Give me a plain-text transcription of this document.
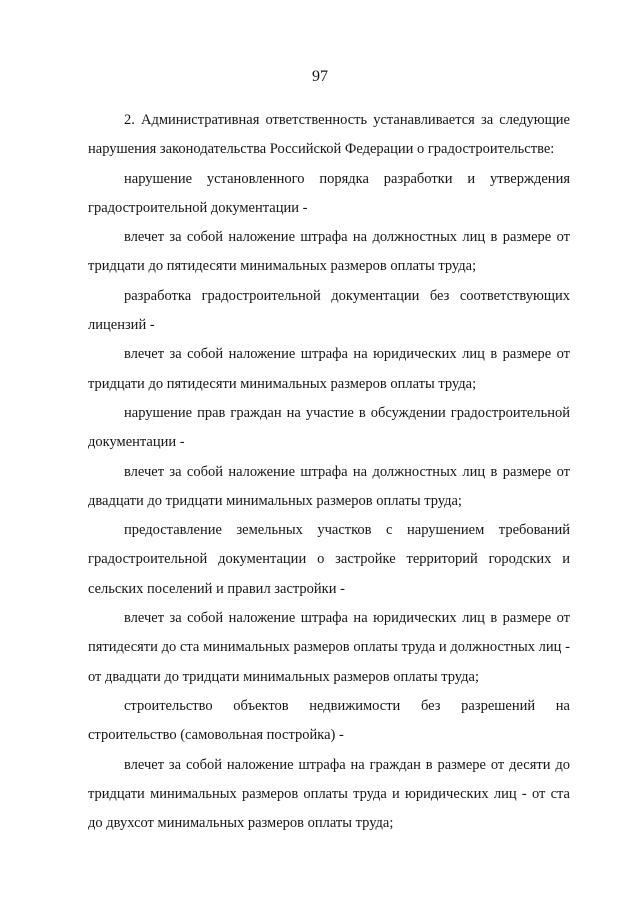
97

2. Административная ответственность устанавливается за следующие нарушения законодательства Российской Федерации о градостроительстве:

нарушение установленного порядка разработки и утверждения градостроительной документации -

влечет за собой наложение штрафа на должностных лиц в размере от тридцати до пятидесяти минимальных размеров оплаты труда;

разработка градостроительной документации без соответствующих лицензий -

влечет за собой наложение штрафа на юридических лиц в размере от тридцати до пятидесяти минимальных размеров оплаты труда;

нарушение прав граждан на участие в обсуждении градостроительной документации -

влечет за собой наложение штрафа на должностных лиц в размере от двадцати до тридцати минимальных размеров оплаты труда;

предоставление земельных участков с нарушением требований градостроительной документации о застройке территорий городских и сельских поселений и правил застройки -

влечет за собой наложение штрафа на юридических лиц в размере от пятидесяти до ста минимальных размеров оплаты труда и должностных лиц - от двадцати до тридцати минимальных размеров оплаты труда;

строительство объектов недвижимости без разрешений на строительство (самовольная постройка) -

влечет за собой наложение штрафа на граждан в размере от десяти до тридцати минимальных размеров оплаты труда и юридических лиц - от ста до двухсот минимальных размеров оплаты труда;
